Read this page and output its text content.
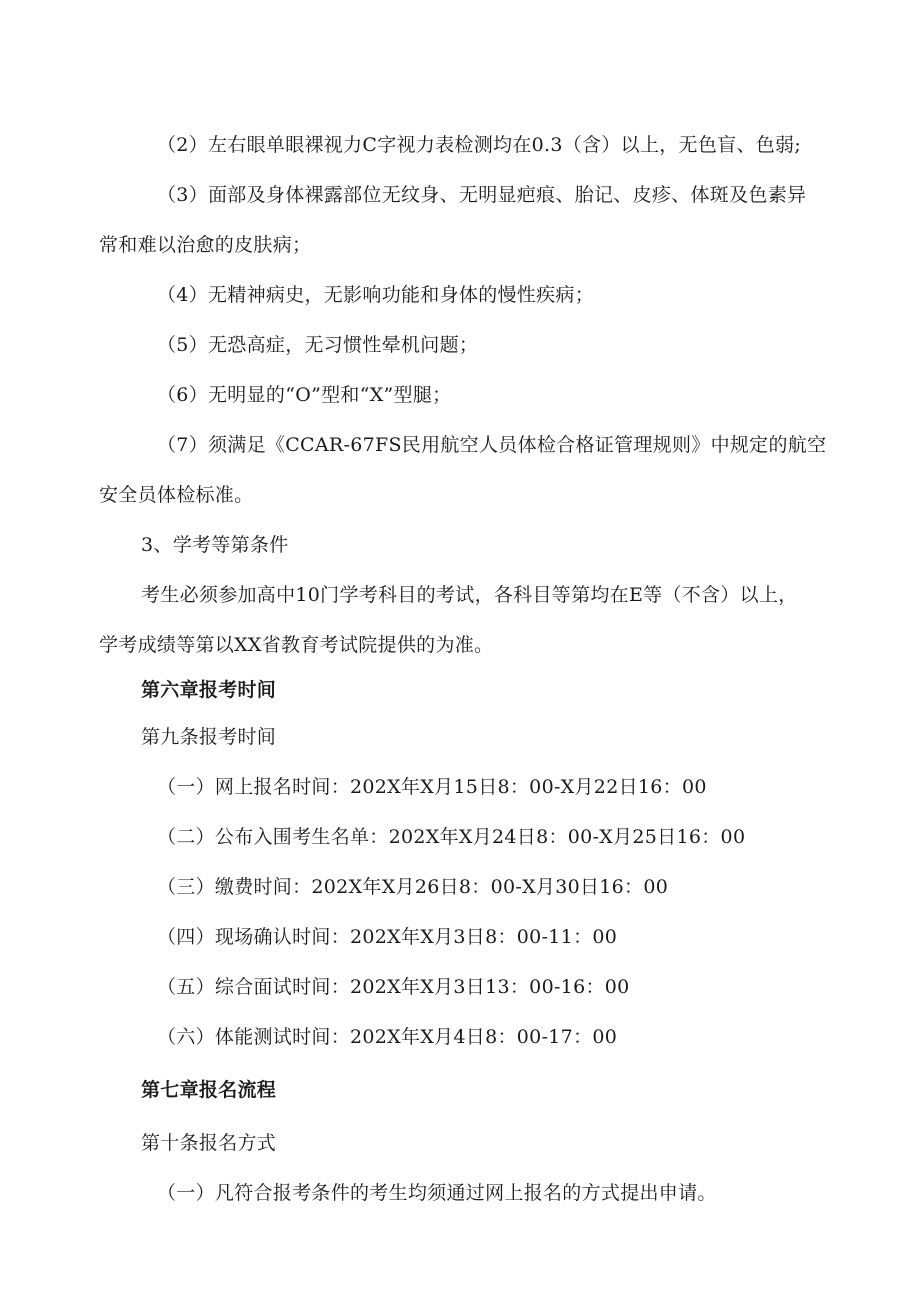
（2）左右眼单眼裸视力C字视力表检测均在0.3（含）以上，无色盲、色弱;
（3）面部及身体裸露部位无纹身、无明显疤痕、胎记、皮疹、体斑及色素异
常和难以治愈的皮肤病；
（4）无精神病史，无影响功能和身体的慢性疾病；
（5）无恐高症，无习惯性晕机问题；
（6）无明显的“O”型和“X”型腿；
（7）须满足《CCAR-67FS民用航空人员体检合格证管理规则》中规定的航空
安全员体检标准。
3、学考等第条件
考生必须参加高中10门学考科目的考试，各科目等第均在E等（不含）以上，
学考成绩等第以XX省教育考试院提供的为准。
第六章报考时间
第九条报考时间
（一）网上报名时间：202X年X月15日8：00-X月22日16：00
（二）公布入围考生名单：202X年X月24日8：00-X月25日16：00
（三）缴费时间：202X年X月26日8：00-X月30日16：00
（四）现场确认时间：202X年X月3日8：00-11：00
（五）综合面试时间：202X年X月3日13：00-16：00
（六）体能测试时间：202X年X月4日8：00-17：00
第七章报名流程
第十条报名方式
（一）凡符合报考条件的考生均须通过网上报名的方式提出申请。
